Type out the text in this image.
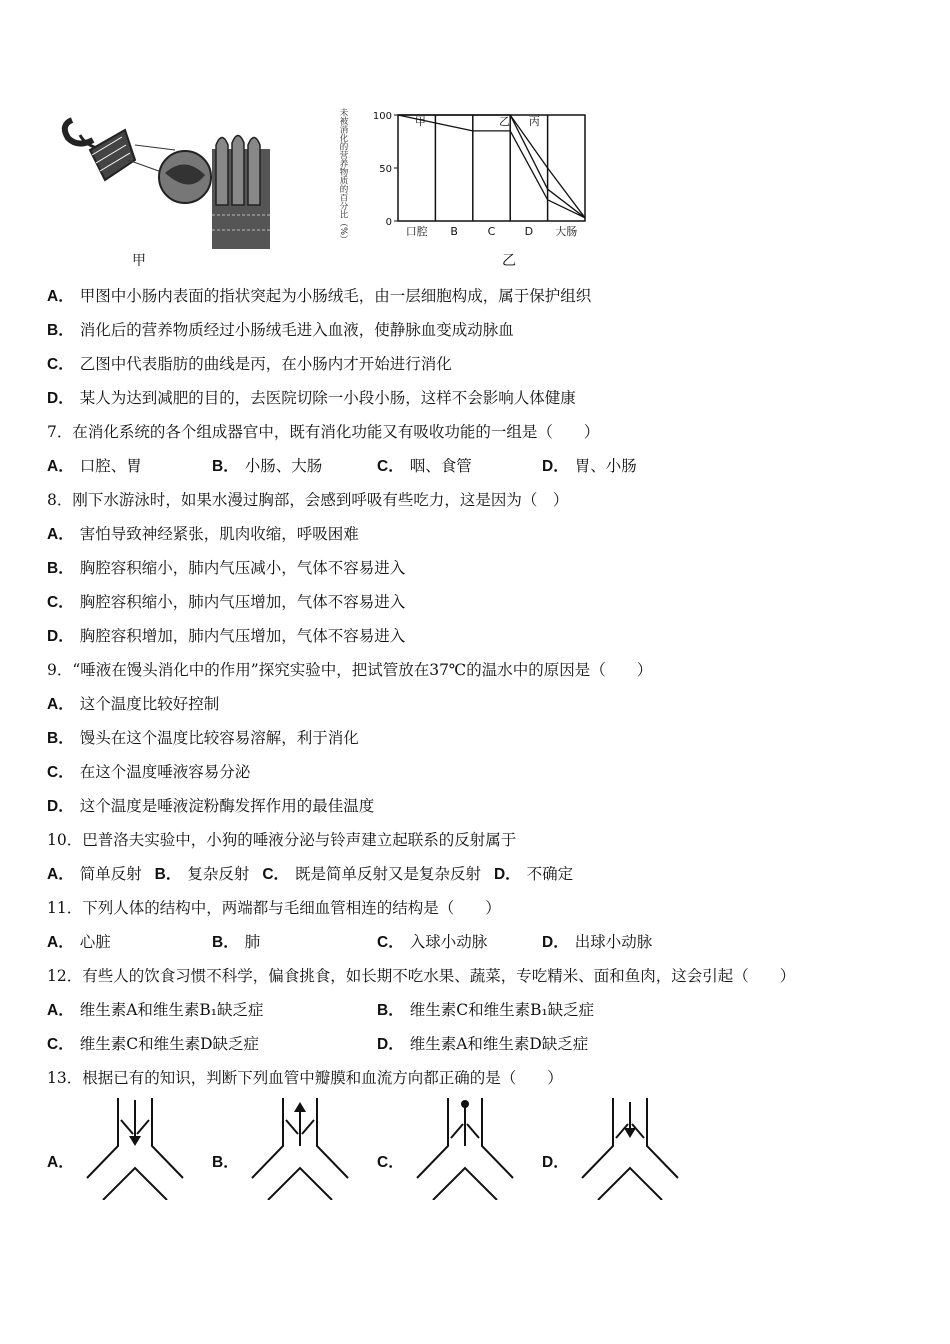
甲
未被消化的营养物质的百分比（%） 100
50
0
口腔 B	C	D 大肠
甲	乙 丙
乙
A． 甲图中小肠内表面的指状突起为小肠绒毛，由一层细胞构成，属于保护组织
B． 消化后的营养物质经过小肠绒毛进入血液，使静脉血变成动脉血
C． 乙图中代表脂肪的曲线是丙，在小肠内才开始进行消化
D． 某人为达到减肥的目的，去医院切除一小段小肠，这样不会影响人体健康
7．在消化系统的各个组成器官中，既有消化功能又有吸收功能的一组是（　　）
A． 口腔、胃	B． 小肠、大肠	C． 咽、食管	D． 胃、小肠
8．刚下水游泳时，如果水漫过胸部，会感到呼吸有些吃力，这是因为（　）
A． 害怕导致神经紧张，肌肉收缩，呼吸困难
B． 胸腔容积缩小，肺内气压减小，气体不容易进入
C． 胸腔容积缩小，肺内气压增加，气体不容易进入
D． 胸腔容积增加，肺内气压增加，气体不容易进入
9．“唾液在馒头消化中的作用”探究实验中，把试管放在37℃的温水中的原因是（　　）
A． 这个温度比较好控制
B． 馒头在这个温度比较容易溶解，利于消化
C． 在这个温度唾液容易分泌
D． 这个温度是唾液淀粉酶发挥作用的最佳温度
10．巴普洛夫实验中，小狗的唾液分泌与铃声建立起联系的反射属于
A． 简单反射 B． 复杂反射 C． 既是简单反射又是复杂反射 D． 不确定
11．下列人体的结构中，两端都与毛细血管相连的结构是（　　）
A． 心脏	B． 肺	C． 入球小动脉	D． 出球小动脉
12．有些人的饮食习惯不科学，偏食挑食，如长期不吃水果、蔬菜，专吃精米、面和鱼肉，这会引起（　　）
A． 维生素A和维生素B₁缺乏症	B． 维生素C和维生素B₁缺乏症
C． 维生素C和维生素D缺乏症	D． 维生素A和维生素D缺乏症
13．根据已有的知识，判断下列血管中瓣膜和血流方向都正确的是（　　）
A．	B．	C．	D．
